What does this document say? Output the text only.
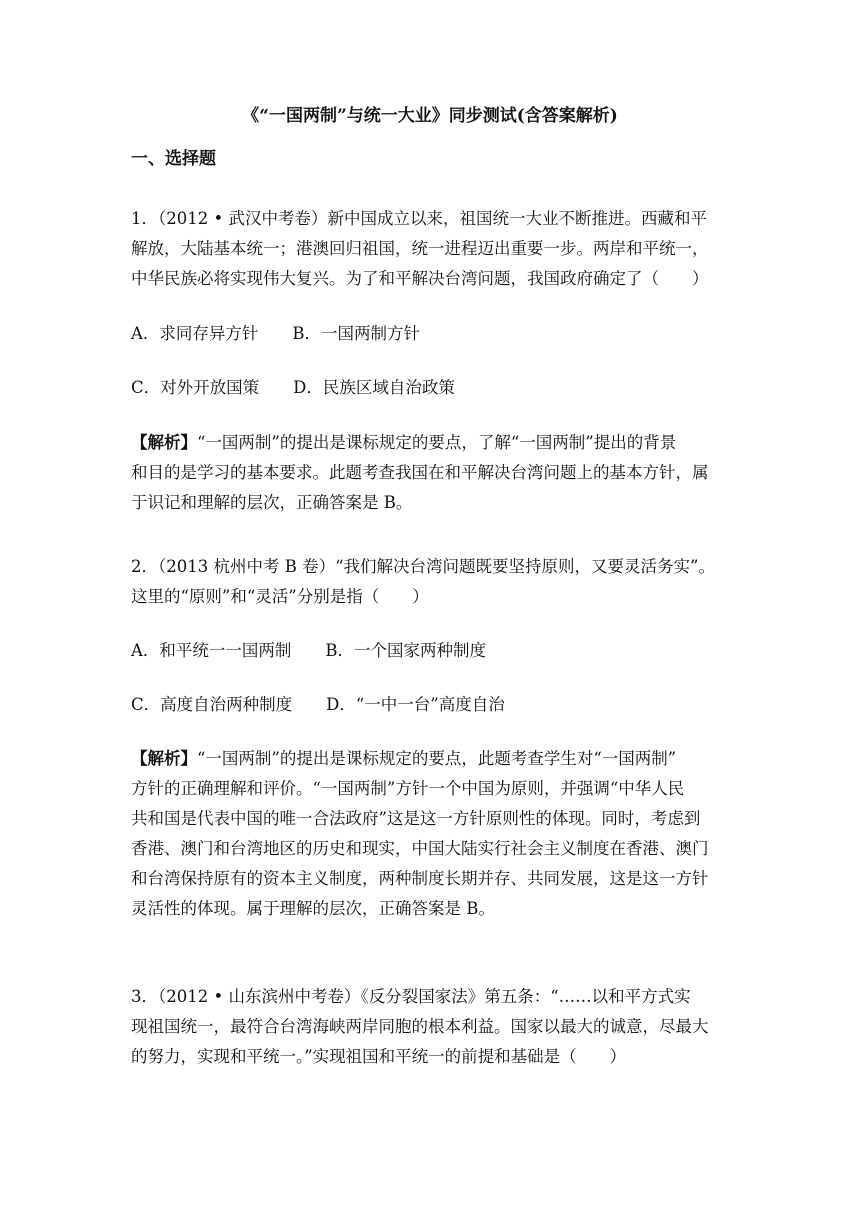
《“一国两制”与统一大业》同步测试(含答案解析)
一、选择题
1．（2012 • 武汉中考卷）新中国成立以来，祖国统一大业不断推进。西藏和平
解放，大陆基本统一；港澳回归祖国，统一进程迈出重要一步。两岸和平统一，
中华民族必将实现伟大复兴。为了和平解决台湾问题，我国政府确定了（　　）
A．求同存异方针 B．一国两制方针
C．对外开放国策 D．民族区域自治政策
【解析】“一国两制”的提出是课标规定的要点，了解“一国两制”提出的背景
和目的是学习的基本要求。此题考查我国在和平解决台湾问题上的基本方针，属
于识记和理解的层次，正确答案是 B。
2．（2013 杭州中考 B 卷）“我们解决台湾问题既要坚持原则，又要灵活务实”。
这里的“原则”和“灵活”分别是指（　　）
A．和平统一一国两制 B．一个国家两种制度
C．高度自治两种制度 D．“一中一台”高度自治
【解析】“一国两制”的提出是课标规定的要点，此题考查学生对“一国两制”
方针的正确理解和评价。“一国两制”方针一个中国为原则，并强调“中华人民
共和国是代表中国的唯一合法政府”这是这一方针原则性的体现。同时，考虑到
香港、澳门和台湾地区的历史和现实，中国大陆实行社会主义制度在香港、澳门
和台湾保持原有的资本主义制度，两种制度长期并存、共同发展，这是这一方针
灵活性的体现。属于理解的层次，正确答案是 B。
3．（2012 • 山东滨州中考卷）《反分裂国家法》第五条：“……以和平方式实
现祖国统一，最符合台湾海峡两岸同胞的根本利益。国家以最大的诚意，尽最大
的努力，实现和平统一。”实现祖国和平统一的前提和基础是（　　）
